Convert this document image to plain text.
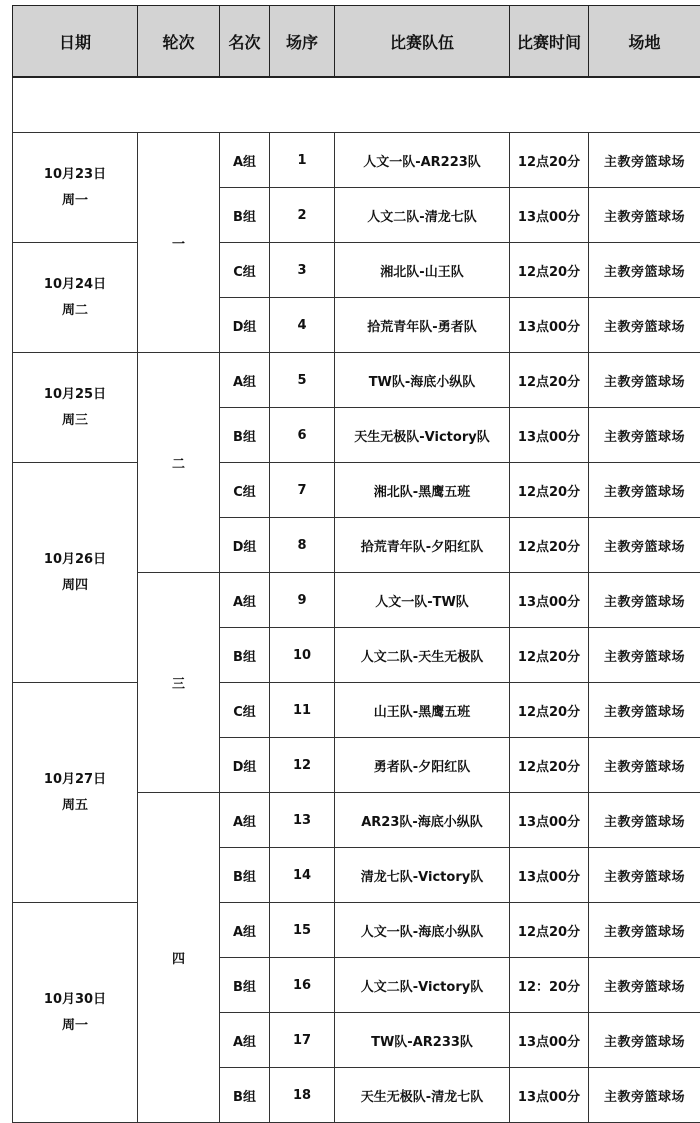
日期	轮次	名次	场序	比赛队伍	比赛时间	场地

10月23日
周一	一	A组	1	人文一队-AR223队	12点20分	主教旁篮球场
		B组	2	人文二队-清龙七队	13点00分	主教旁篮球场

10月24日
周二		C组	3	湘北队-山王队	12点20分	主教旁篮球场
		D组	4	拾荒青年队-勇者队	13点00分	主教旁篮球场

10月25日
周三	二	A组	5	TW队-海底小纵队	12点20分	主教旁篮球场
		B组	6	天生无极队-Victory队	13点00分	主教旁篮球场

10月26日
周四		C组	7	湘北队-黑鹰五班	12点20分	主教旁篮球场
		D组	8	拾荒青年队-夕阳红队	12点20分	主教旁篮球场
	三	A组	9	人文一队-TW队	13点00分	主教旁篮球场
		B组	10	人文二队-天生无极队	12点20分	主教旁篮球场

10月27日
周五		C组	11	山王队-黑鹰五班	12点20分	主教旁篮球场
		D组	12	勇者队-夕阳红队	12点20分	主教旁篮球场
	四	A组	13	AR23队-海底小纵队	13点00分	主教旁篮球场
		B组	14	清龙七队-Victory队	13点00分	主教旁篮球场

10月30日
周一		A组	15	人文一队-海底小纵队	12点20分	主教旁篮球场
		B组	16	人文二队-Victory队	12：20分	主教旁篮球场
		A组	17	TW队-AR233队	13点00分	主教旁篮球场
		B组	18	天生无极队-清龙七队	13点00分	主教旁篮球场
